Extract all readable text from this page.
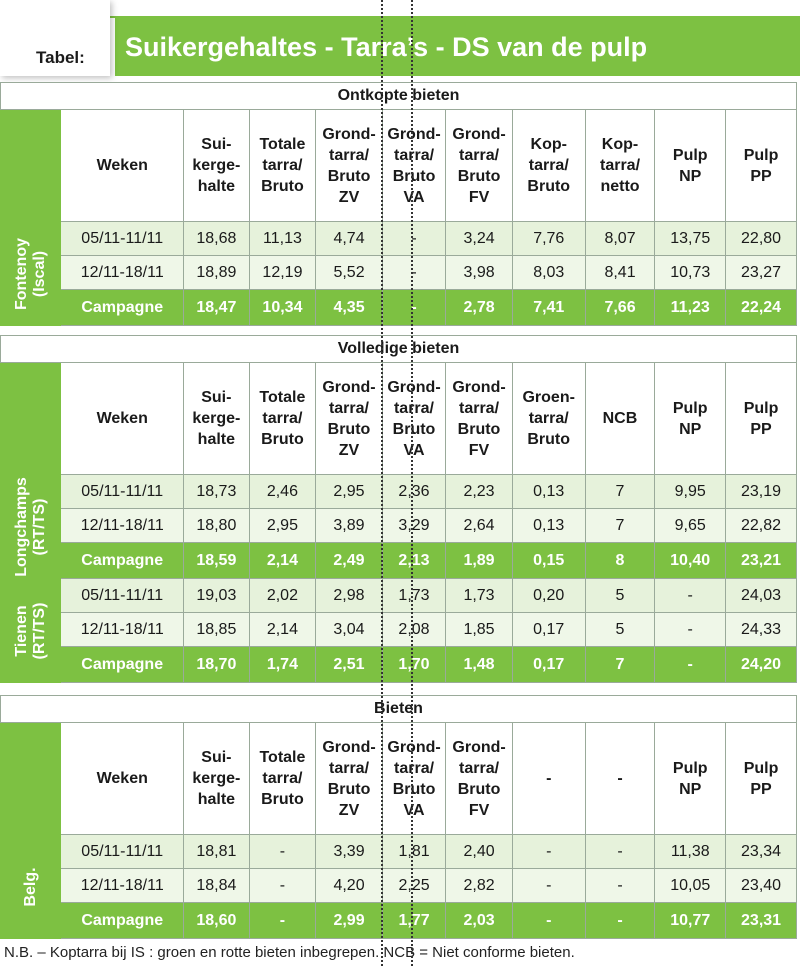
Suikergehaltes - Tarra’s - DS van de pulp
Tabel:
Ontkopte bieten										
	Weken	Sui-
kerge-
halte	Totale
tarra/
Bruto	Grond-
tarra/
Bruto
ZV	Grond-
tarra/
Bruto
VA	Grond-
tarra/
Bruto
FV	Kop-
tarra/
Bruto	Kop-
tarra/
netto	Pulp
NP	Pulp
PP

Fontenoy
(Iscal)	05/11-11/11	18,68	11,13	4,74	-	3,24	7,76	8,07	13,75	22,80
	12/11-18/11	18,89	12,19	5,52	-	3,98	8,03	8,41	10,73	23,27
	Campagne	18,47	10,34	4,35	-	2,78	7,41	7,66	11,23	22,24
Volledige bieten										
	Weken	Sui-
kerge-
halte	Totale
tarra/
Bruto	Grond-
tarra/
Bruto
ZV	Grond-
tarra/
Bruto
VA	Grond-
tarra/
Bruto
FV	Groen-
tarra/
Bruto	NCB	Pulp
NP	Pulp
PP

Longchamps
(RT/TS)	05/11-11/11	18,73	2,46	2,95	2,36	2,23	0,13	7	9,95	23,19
	12/11-18/11	18,80	2,95	3,89	3,29	2,64	0,13	7	9,65	22,82
	Campagne	18,59	2,14	2,49	2,13	1,89	0,15	8	10,40	23,21

Tienen
(RT/TS)	05/11-11/11	19,03	2,02	2,98	1,73	1,73	0,20	5	-	24,03
	12/11-18/11	18,85	2,14	3,04	2,08	1,85	0,17	5	-	24,33
	Campagne	18,70	1,74	2,51	1,70	1,48	0,17	7	-	24,20
Bieten										
	Weken	Sui-
kerge-
halte	Totale
tarra/
Bruto	Grond-
tarra/
Bruto
ZV	Grond-
tarra/
Bruto
VA	Grond-
tarra/
Bruto
FV	-	-	Pulp
NP	Pulp
PP

Belg.	05/11-11/11	18,81	-	3,39	1,81	2,40	-	-	11,38	23,34
	12/11-18/11	18,84	-	4,20	2,25	2,82	-	-	10,05	23,40
	Campagne	18,60	-	2,99	1,77	2,03	-	-	10,77	23,31
N.B. – Koptarra bij IS : groen en rotte bieten inbegrepen. NCB = Niet conforme bieten.
